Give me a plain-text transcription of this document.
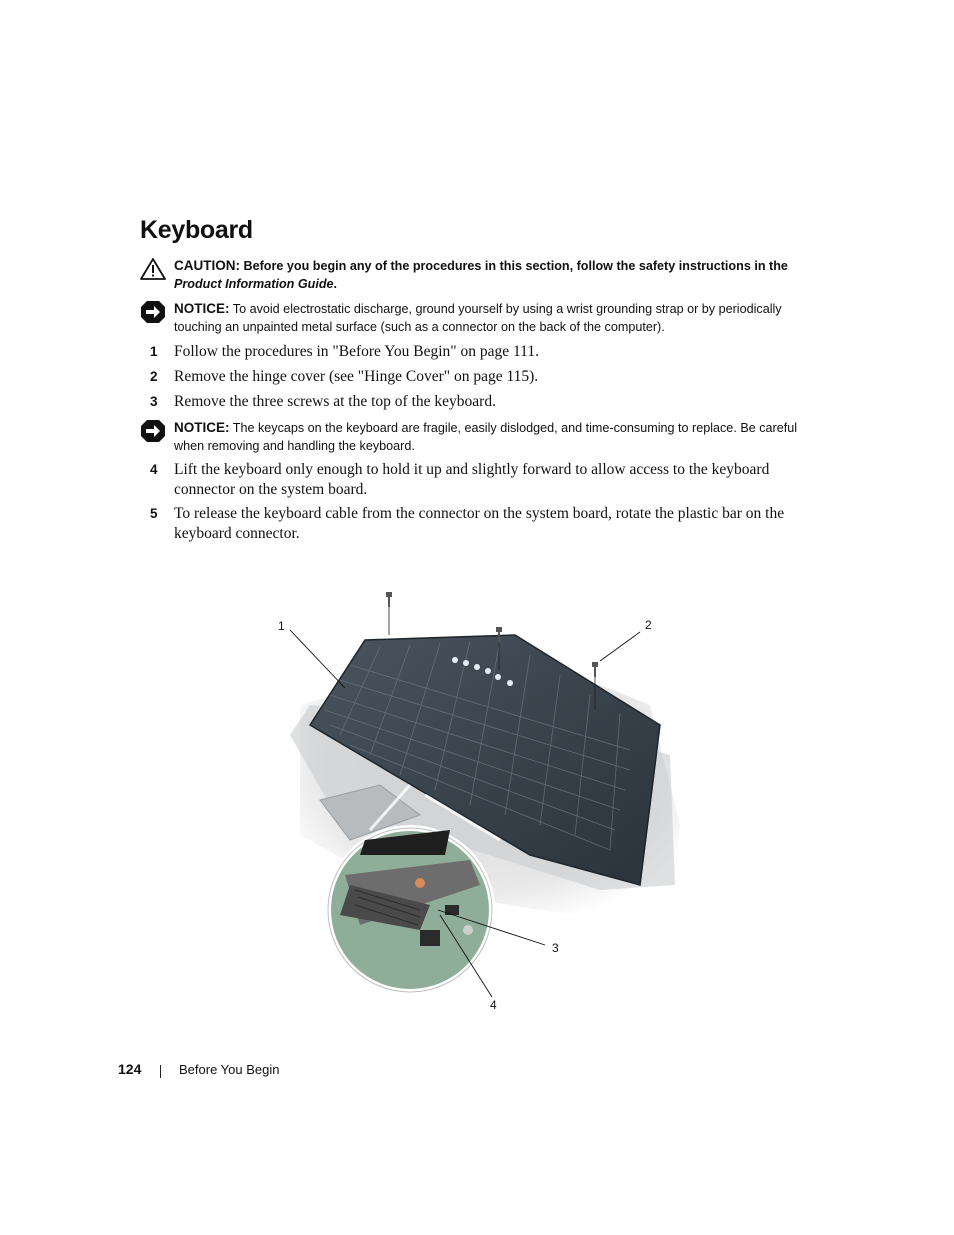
Keyboard
CAUTION: Before you begin any of the procedures in this section, follow the safety instructions in the Product Information Guide.
NOTICE: To avoid electrostatic discharge, ground yourself by using a wrist grounding strap or by periodically touching an unpainted metal surface (such as a connector on the back of the computer).
1 Follow the procedures in "Before You Begin" on page 111.
2 Remove the hinge cover (see "Hinge Cover" on page 115).
3 Remove the three screws at the top of the keyboard.
NOTICE: The keycaps on the keyboard are fragile, easily dislodged, and time-consuming to replace. Be careful when removing and handling the keyboard.
4 Lift the keyboard only enough to hold it up and slightly forward to allow access to the keyboard connector on the system board.
5 To release the keyboard cable from the connector on the system board, rotate the plastic bar on the keyboard connector.
1	2
3
4
124	Before You Begin
